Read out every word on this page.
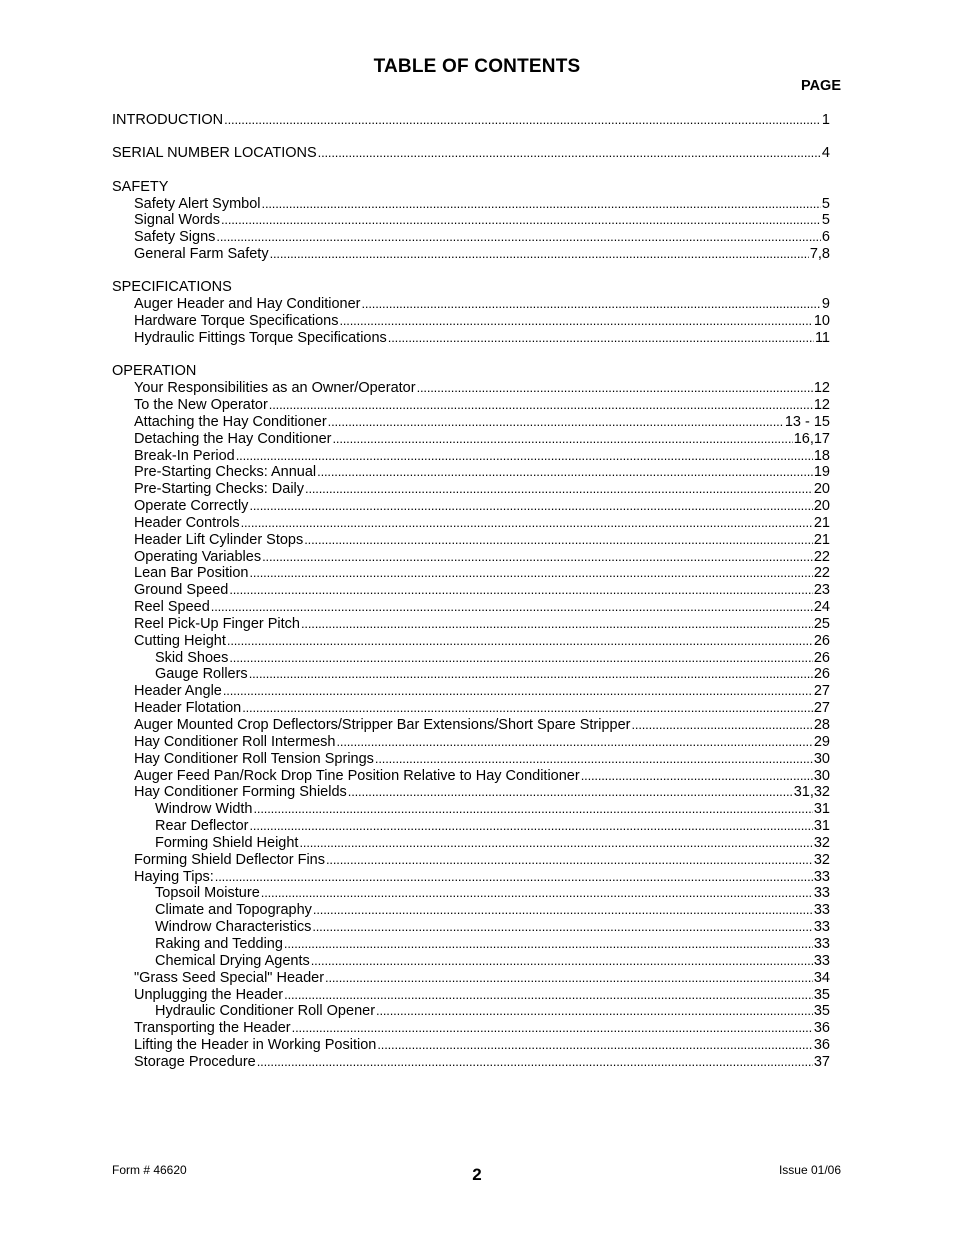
TABLE OF CONTENTS
PAGE
INTRODUCTION . . .	1
SERIAL NUMBER LOCATIONS . . .	4
SAFETY
Safety Alert Symbol . . .	5
Signal Words . . .	5
Safety Signs . . .	6
General Farm Safety . . .	7,8
SPECIFICATIONS
Auger Header and Hay Conditioner . . .	9
Hardware Torque Specifications . . .	10
Hydraulic Fittings Torque Specifications . . .	11
OPERATION
Your Responsibilities as an Owner/Operator . . .	12
To the New Operator . . .	12
Attaching the Hay Conditioner . . .	13 - 15
Detaching the Hay Conditioner . . .	16,17
Break-In Period . . .	18
Pre-Starting Checks: Annual . . .	19
Pre-Starting Checks: Daily . . .	20
Operate Correctly . . .	20
Header Controls . . .	21
Header Lift Cylinder Stops . . .	21
Operating Variables . . .	22
Lean Bar Position . . .	22
Ground Speed . . .	23
Reel Speed . . .	24
Reel Pick-Up Finger Pitch . . .	25
Cutting Height . . .	26
Skid Shoes . . .	26
Gauge Rollers . . .	26
Header Angle . . .	27
Header Flotation . . .	27
Auger Mounted Crop Deflectors/Stripper Bar Extensions/Short Spare Stripper . . .	28
Hay Conditioner Roll Intermesh . . .	29
Hay Conditioner Roll Tension Springs . . .	30
Auger Feed Pan/Rock Drop Tine Position Relative to Hay Conditioner . . .	30
Hay Conditioner Forming Shields . . .	31,32
Windrow Width . . .	31
Rear Deflector . . .	31
Forming Shield Height . . .	32
Forming Shield Deflector Fins . . .	32
Haying Tips: . . .	33
Topsoil Moisture . . .	33
Climate and Topography . . .	33
Windrow Characteristics . . .	33
Raking and Tedding . . .	33
Chemical Drying Agents . . .	33
"Grass Seed Special" Header . . .	34
Unplugging the Header . . .	35
Hydraulic Conditioner Roll Opener . . .	35
Transporting the Header . . .	36
Lifting the Header in Working Position . . .	36
Storage Procedure . . .	37
Form # 46620	2	Issue 01/06
